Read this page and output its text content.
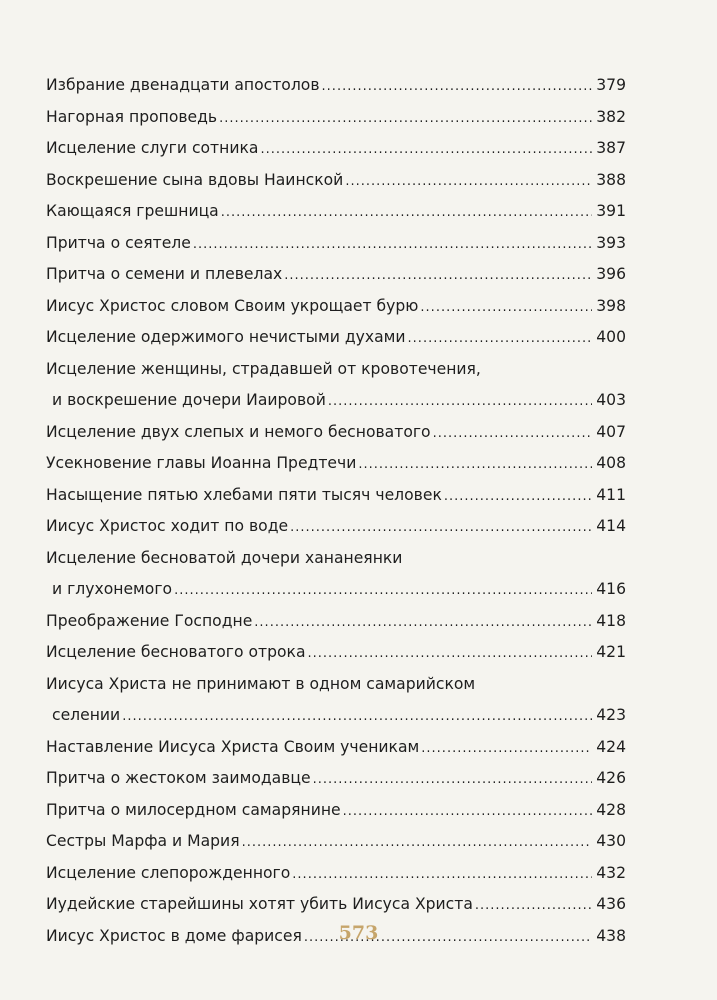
Избрание двенадцати апостолов .....	379
Нагорная проповедь .....	382
Исцеление слуги сотника .....	387
Воскрешение сына вдовы Наинской .....	388
Кающаяся грешница .....	391
Притча о сеятеле .....	393
Притча о семени и плевелах .....	396
Иисус Христос словом Своим укрощает бурю .....	398
Исцеление одержимого нечистыми духами .....	400
Исцеление женщины, страдавшей от кровотечения,
и воскрешение дочери Иаировой .....	403
Исцеление двух слепых и немого бесноватого .....	407
Усекновение главы Иоанна Предтечи .....	408
Насыщение пятью хлебами пяти тысяч человек .....	411
Иисус Христос ходит по воде .....	414
Исцеление бесноватой дочери хананеянки
и глухонемого .....	416
Преображение Господне .....	418
Исцеление бесноватого отрока .....	421
Иисуса Христа не принимают в одном самарийском
селении .....	423
Наставление Иисуса Христа Своим ученикам .....	424
Притча о жестоком заимодавце .....	426
Притча о милосердном самарянине .....	428
Сестры Марфа и Мария .....	430
Исцеление слепорожденного .....	432
Иудейские старейшины хотят убить Иисуса Христа .....	436
Иисус Христос в доме фарисея .....	438
573
